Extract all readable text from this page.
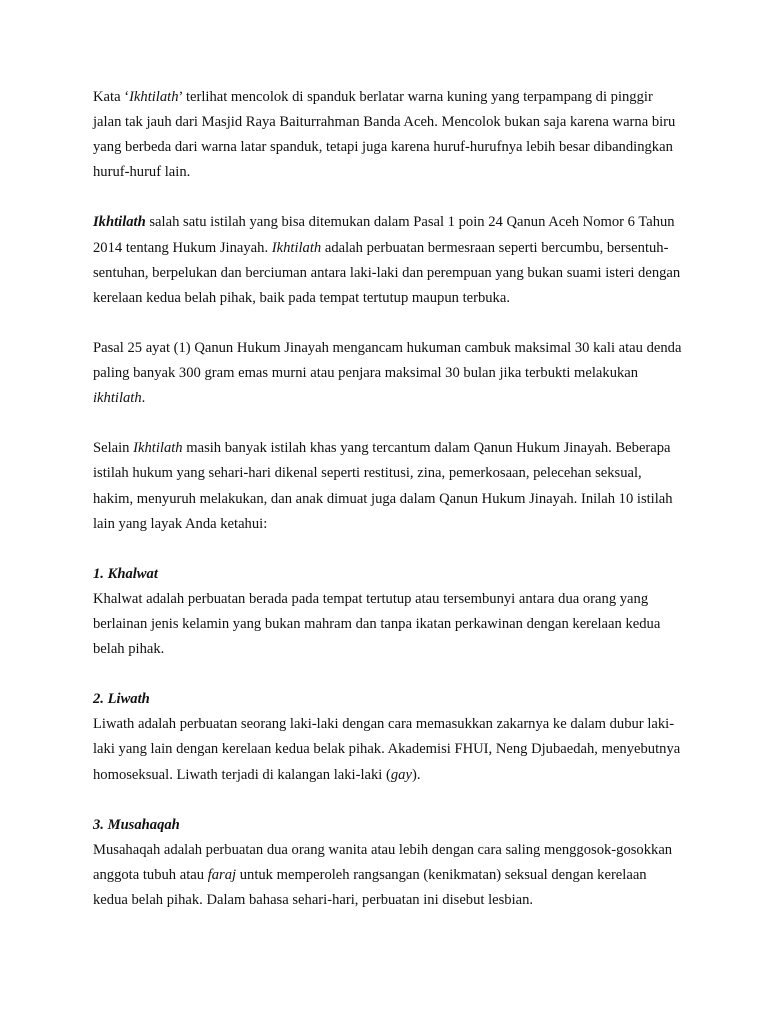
Kata ‘Ikhtilath’ terlihat mencolok di spanduk berlatar warna kuning yang terpampang di pinggir jalan tak jauh dari Masjid Raya Baiturrahman Banda Aceh. Mencolok bukan saja karena warna biru yang berbeda dari warna latar spanduk, tetapi juga karena huruf-hurufnya lebih besar dibandingkan huruf-huruf lain.

Ikhtilath salah satu istilah yang bisa ditemukan dalam Pasal 1 poin 24 Qanun Aceh Nomor 6 Tahun 2014 tentang Hukum Jinayah. Ikhtilath adalah perbuatan bermesraan seperti bercumbu, bersentuh-sentuhan, berpelukan dan berciuman antara laki-laki dan perempuan yang bukan suami isteri dengan kerelaan kedua belah pihak, baik pada tempat tertutup maupun terbuka.

Pasal 25 ayat (1) Qanun Hukum Jinayah mengancam hukuman cambuk maksimal 30 kali atau denda paling banyak 300 gram emas murni atau penjara maksimal 30 bulan jika terbukti melakukan ikhtilath.

Selain Ikhtilath masih banyak istilah khas yang tercantum dalam Qanun Hukum Jinayah. Beberapa istilah hukum yang sehari-hari dikenal seperti restitusi, zina, pemerkosaan, pelecehan seksual, hakim, menyuruh melakukan, dan anak dimuat juga dalam Qanun Hukum Jinayah. Inilah 10 istilah lain yang layak Anda ketahui:

1. Khalwat

Khalwat adalah perbuatan berada pada tempat tertutup atau tersembunyi antara dua orang yang berlainan jenis kelamin yang bukan mahram dan tanpa ikatan perkawinan dengan kerelaan kedua belah pihak.

2. Liwath

Liwath adalah perbuatan seorang laki-laki dengan cara memasukkan zakarnya ke dalam dubur laki-laki yang lain dengan kerelaan kedua belak pihak. Akademisi FHUI, Neng Djubaedah, menyebutnya homoseksual. Liwath terjadi di kalangan laki-laki (gay).

3. Musahaqah

Musahaqah adalah perbuatan dua orang wanita atau lebih dengan cara saling menggosok-gosokkan anggota tubuh atau faraj untuk memperoleh rangsangan (kenikmatan) seksual dengan kerelaan kedua belah pihak. Dalam bahasa sehari-hari, perbuatan ini disebut lesbian.
